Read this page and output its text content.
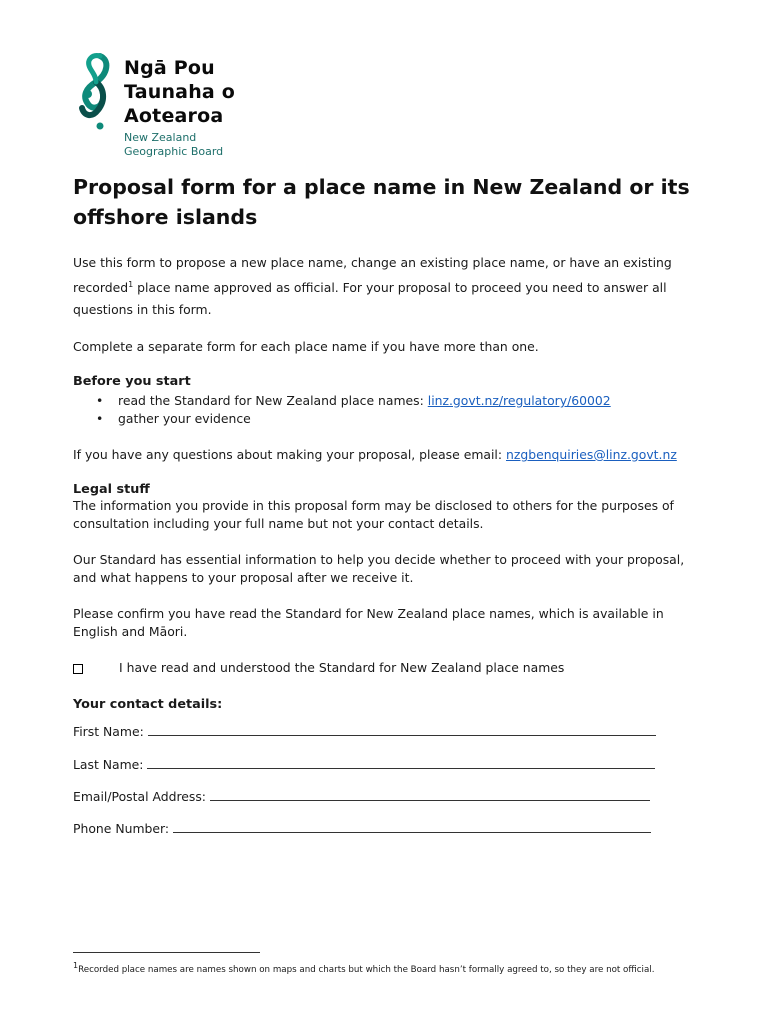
Ngā Pou
Taunaha o
Aotearoa
New Zealand
Geographic Board
Proposal form for a place name in New Zealand or its offshore islands

Use this form to propose a new place name, change an existing place name, or have an existing recorded$^1$ place name approved as official. For your proposal to proceed you need to answer all questions in this form.

Complete a separate form for each place name if you have more than one.

Before you start
• read the Standard for New Zealand place names: linz.govt.nz/regulatory/60002
• gather your evidence

If you have any questions about making your proposal, please email: nzgbenquiries@linz.govt.nz

Legal stuff

The information you provide in this proposal form may be disclosed to others for the purposes of consultation including your full name but not your contact details.

Our Standard has essential information to help you decide whether to proceed with your proposal, and what happens to your proposal after we receive it.

Please confirm you have read the Standard for New Zealand place names, which is available in English and Māori.

I have read and understood the Standard for New Zealand place names
Your contact details:
First Name:
Last Name:
Email/Postal Address:
Phone Number:
$^1$Recorded place names are names shown on maps and charts but which the Board hasn’t formally agreed to, so they are not official.
